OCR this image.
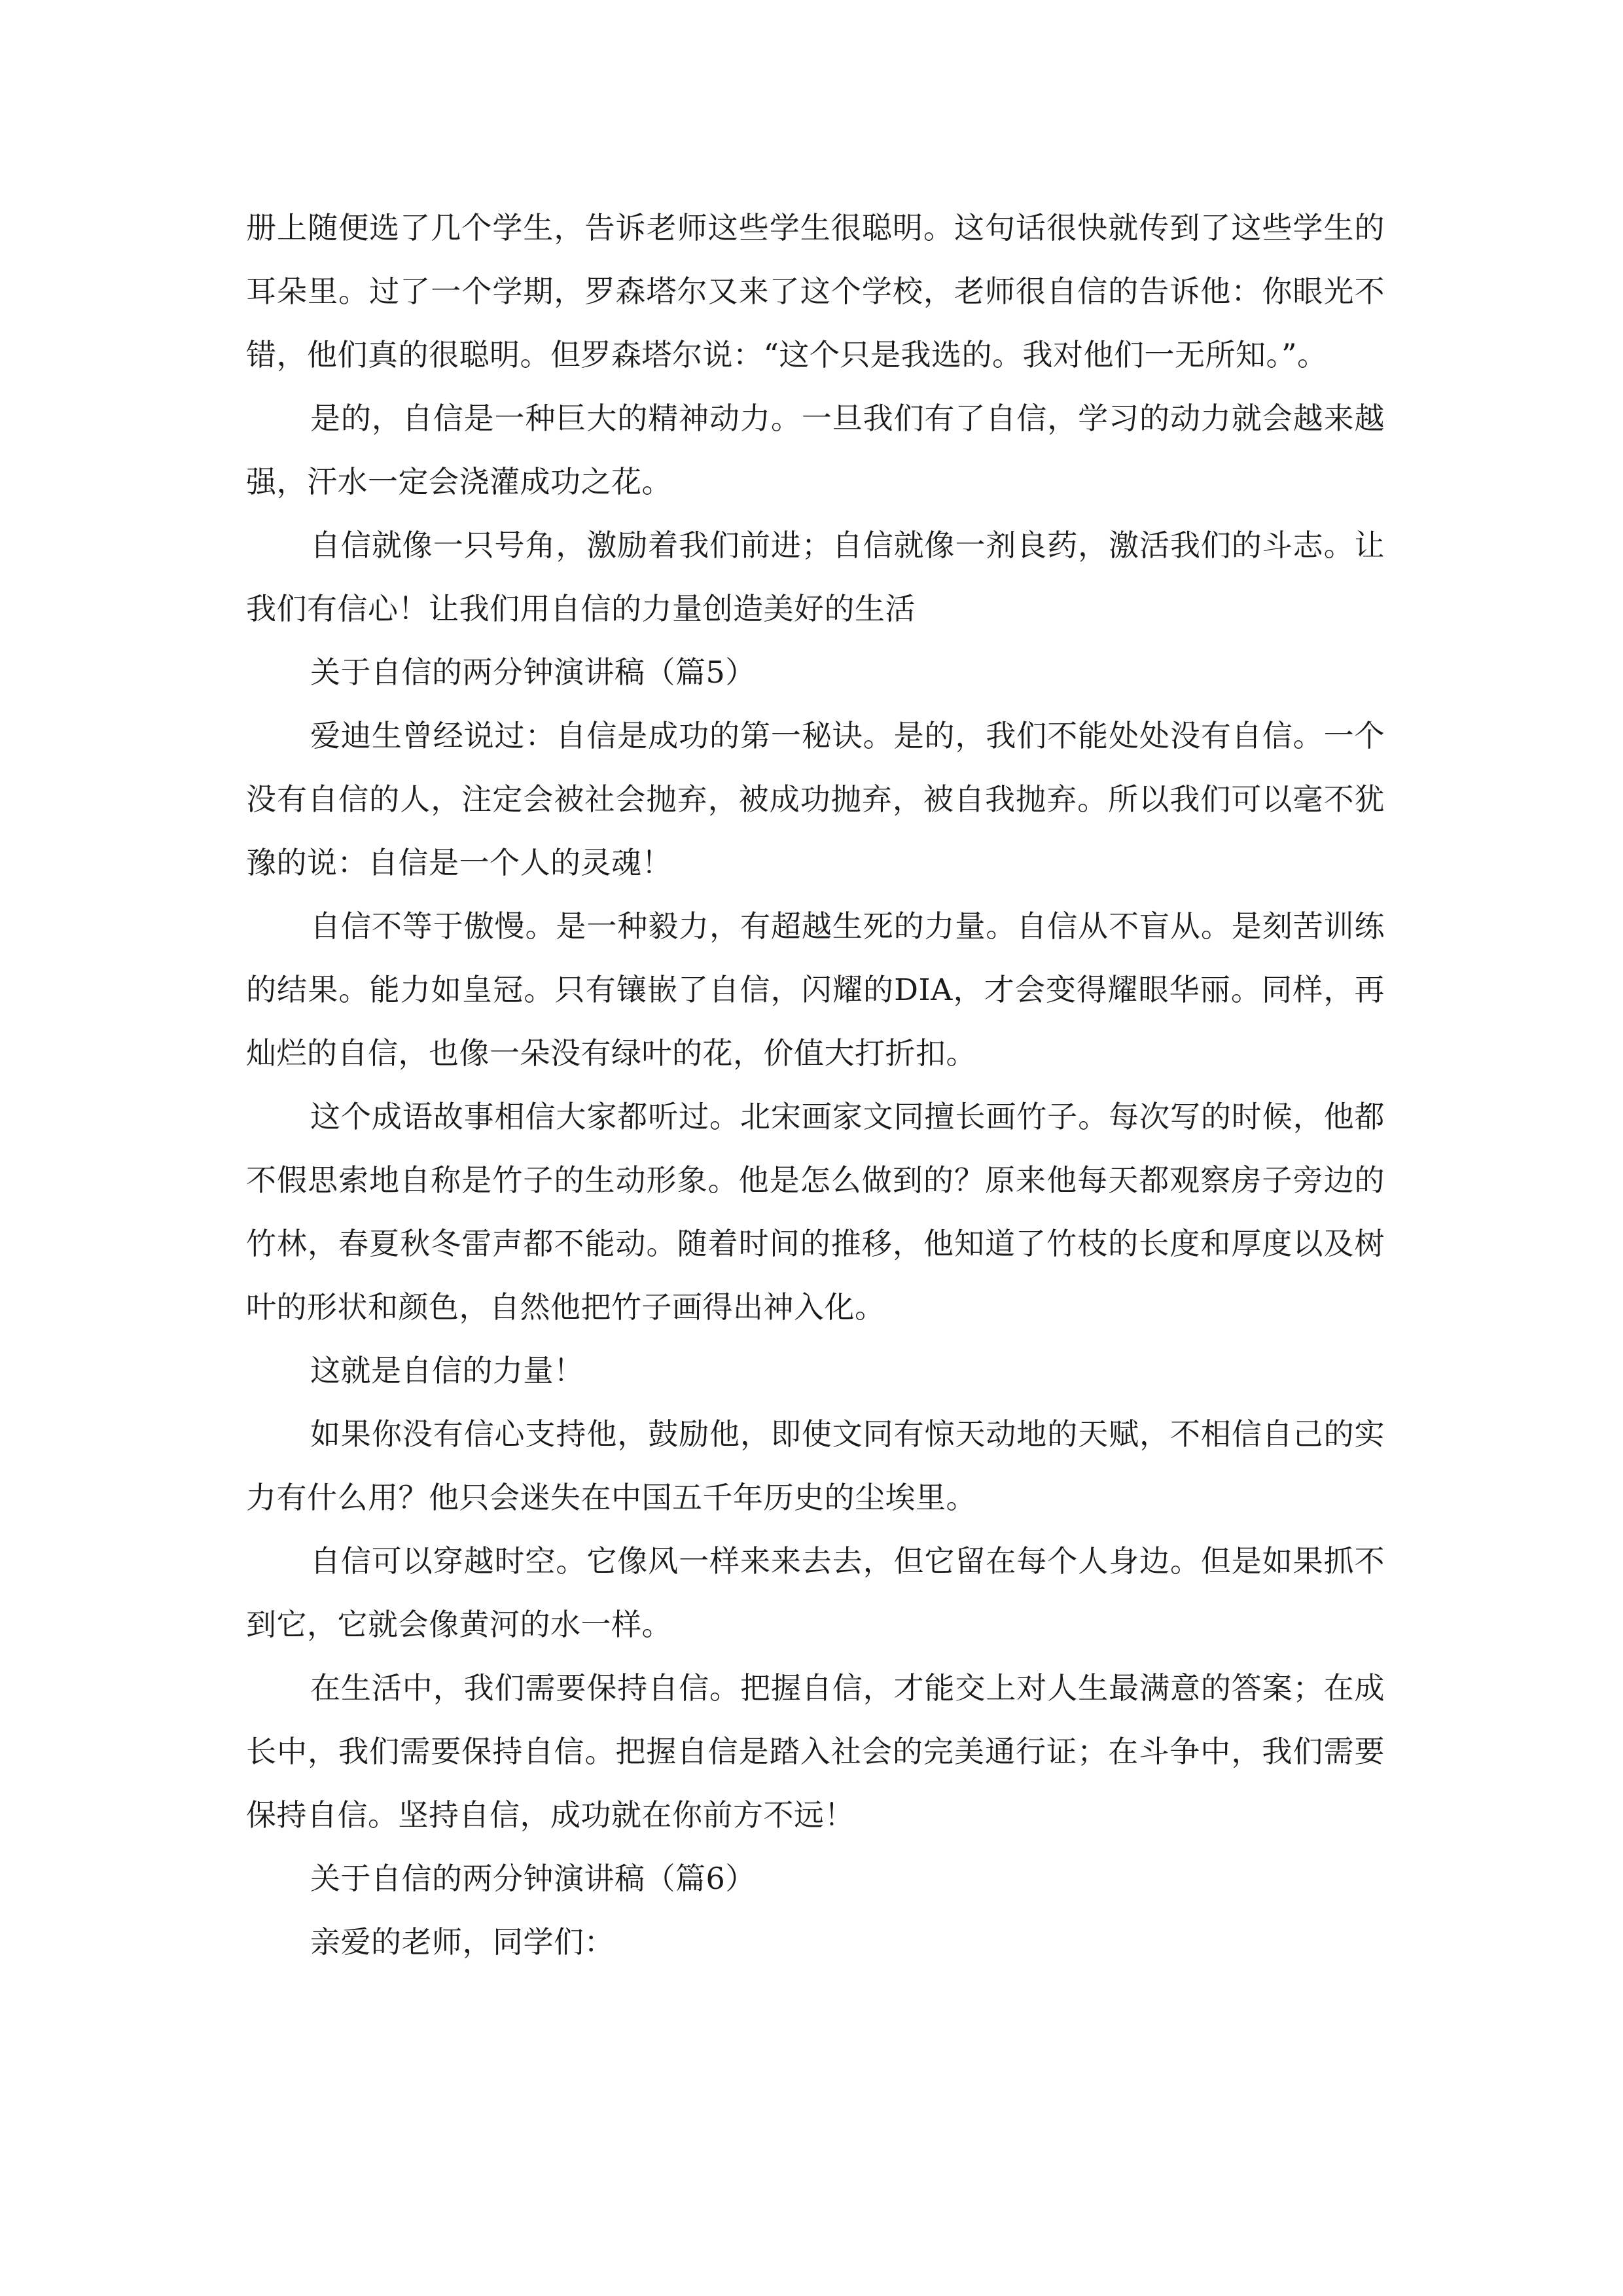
册上随便选了几个学生，告诉老师这些学生很聪明。这句话很快就传到了这些学生的耳朵里。过了一个学期，罗森塔尔又来了这个学校，老师很自信的告诉他：你眼光不错，他们真的很聪明。但罗森塔尔说：“这个只是我选的。我对他们一无所知。”。

是的，自信是一种巨大的精神动力。一旦我们有了自信，学习的动力就会越来越强，汗水一定会浇灌成功之花。

自信就像一只号角，激励着我们前进；自信就像一剂良药，激活我们的斗志。让我们有信心！让我们用自信的力量创造美好的生活

关于自信的两分钟演讲稿（篇5）

爱迪生曾经说过：自信是成功的第一秘诀。是的，我们不能处处没有自信。一个没有自信的人，注定会被社会抛弃，被成功抛弃，被自我抛弃。所以我们可以毫不犹豫的说：自信是一个人的灵魂！

自信不等于傲慢。是一种毅力，有超越生死的力量。自信从不盲从。是刻苦训练的结果。能力如皇冠。只有镶嵌了自信，闪耀的DIA，才会变得耀眼华丽。同样，再灿烂的自信，也像一朵没有绿叶的花，价值大打折扣。

这个成语故事相信大家都听过。北宋画家文同擅长画竹子。每次写的时候，他都不假思索地自称是竹子的生动形象。他是怎么做到的？原来他每天都观察房子旁边的竹林，春夏秋冬雷声都不能动。随着时间的推移，他知道了竹枝的长度和厚度以及树叶的形状和颜色，自然他把竹子画得出神入化。

这就是自信的力量！

如果你没有信心支持他，鼓励他，即使文同有惊天动地的天赋，不相信自己的实力有什么用？他只会迷失在中国五千年历史的尘埃里。

自信可以穿越时空。它像风一样来来去去，但它留在每个人身边。但是如果抓不到它，它就会像黄河的水一样。

在生活中，我们需要保持自信。把握自信，才能交上对人生最满意的答案；在成长中，我们需要保持自信。把握自信是踏入社会的完美通行证；在斗争中，我们需要保持自信。坚持自信，成功就在你前方不远！

关于自信的两分钟演讲稿（篇6）

亲爱的老师，同学们：
